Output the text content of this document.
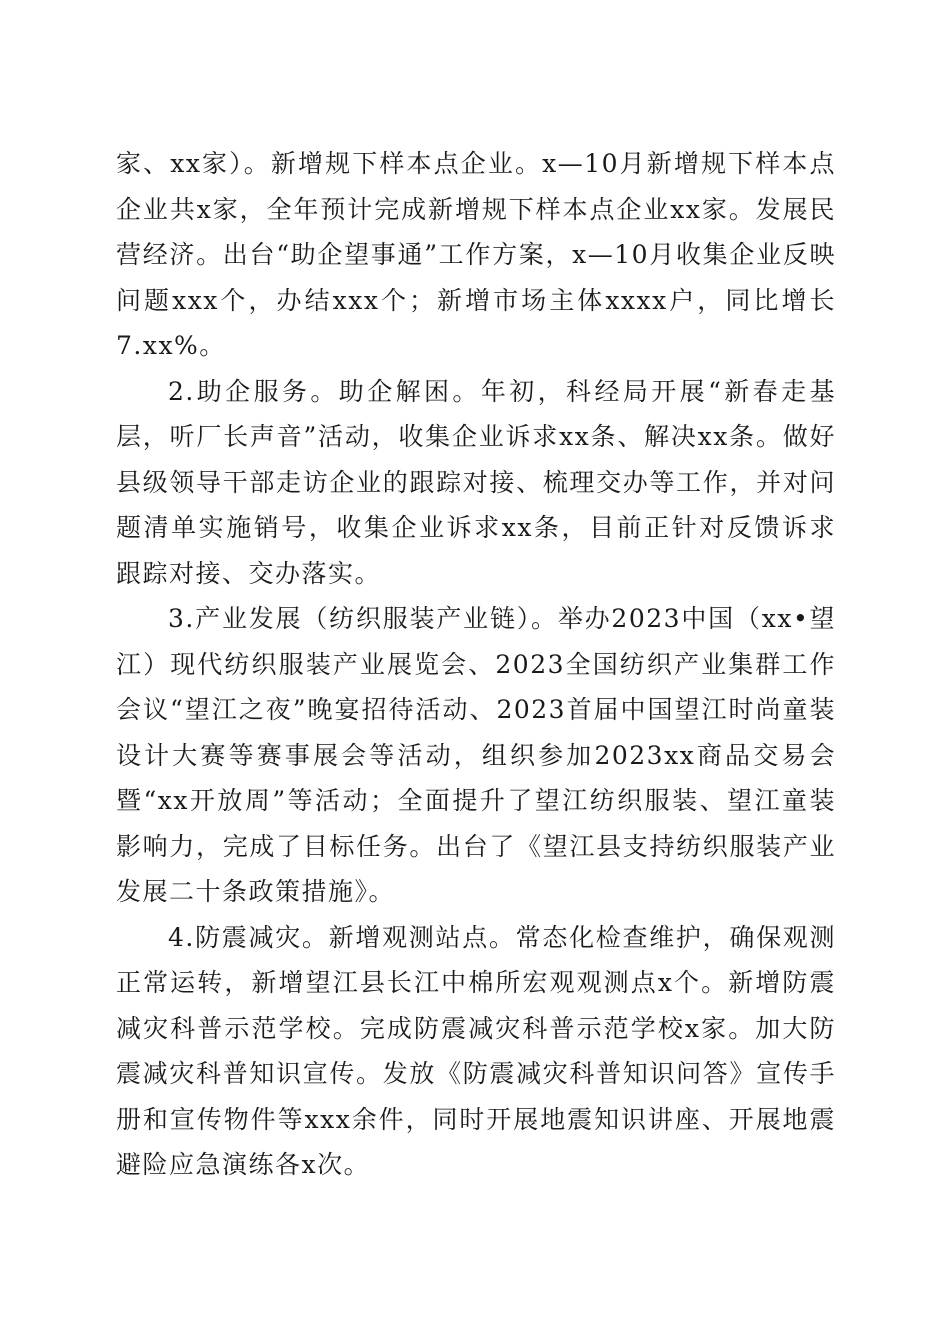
家、xx家）。新增规下样本点企业。x—10月新增规下样本点企业共x家，全年预计完成新增规下样本点企业xx家。发展民营经济。出台“助企望事通”工作方案，x—10月收集企业反映问题xxx个，办结xxx个；新增市场主体xxxx户，同比增长7.xx%。

2.助企服务。助企解困。年初，科经局开展“新春走基层，听厂长声音”活动，收集企业诉求xx条、解决xx条。做好县级领导干部走访企业的跟踪对接、梳理交办等工作，并对问题清单实施销号，收集企业诉求xx条，目前正针对反馈诉求跟踪对接、交办落实。

3.产业发展（纺织服装产业链）。举办2023中国（xx•望江）现代纺织服装产业展览会、2023全国纺织产业集群工作会议“望江之夜”晚宴招待活动、2023首届中国望江时尚童装设计大赛等赛事展会等活动，组织参加2023xx商品交易会暨“xx开放周”等活动；全面提升了望江纺织服装、望江童装影响力，完成了目标任务。出台了《望江县支持纺织服装产业发展二十条政策措施》。

4.防震减灾。新增观测站点。常态化检查维护，确保观测正常运转，新增望江县长江中棉所宏观观测点x个。新增防震减灾科普示范学校。完成防震减灾科普示范学校x家。加大防震减灾科普知识宣传。发放《防震减灾科普知识问答》宣传手册和宣传物件等xxx余件，同时开展地震知识讲座、开展地震避险应急演练各x次。
